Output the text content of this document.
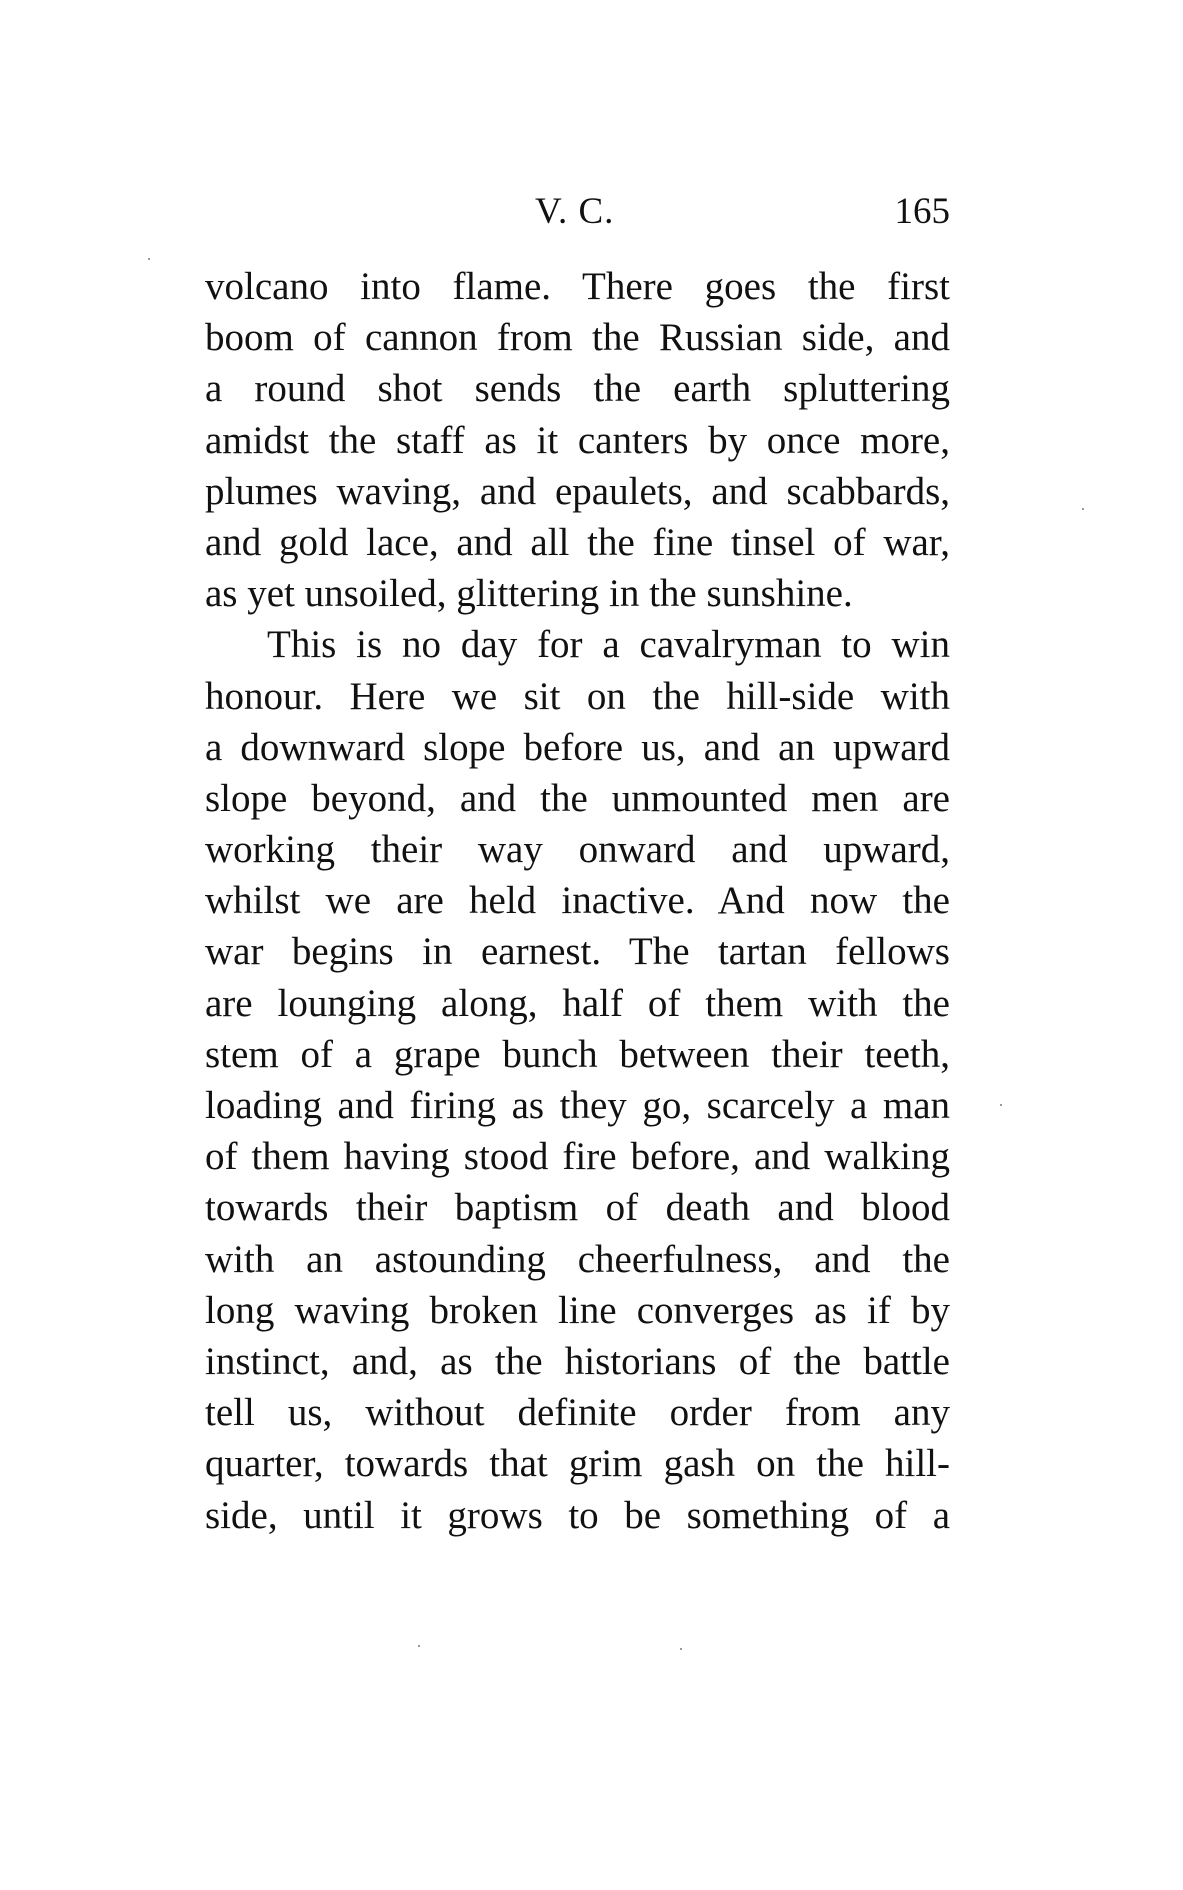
V. C.	165
volcano into flame. There goes the first
boom of cannon from the Russian side, and
a round shot sends the earth spluttering
amidst the staff as it canters by once more,
plumes waving, and epaulets, and scabbards,
and gold lace, and all the fine tinsel of war,
as yet unsoiled, glittering in the sunshine.
This is no day for a cavalryman to win
honour. Here we sit on the hill-side with
a downward slope before us, and an upward
slope beyond, and the unmounted men are
working their way onward and upward,
whilst we are held inactive. And now the
war begins in earnest. The tartan fellows
are lounging along, half of them with the
stem of a grape bunch between their teeth,
loading and firing as they go, scarcely a man
of them having stood fire before, and walking
towards their baptism of death and blood
with an astounding cheerfulness, and the
long waving broken line converges as if by
instinct, and, as the historians of the battle
tell us, without definite order from any
quarter, towards that grim gash on the hill-
side, until it grows to be something of a
